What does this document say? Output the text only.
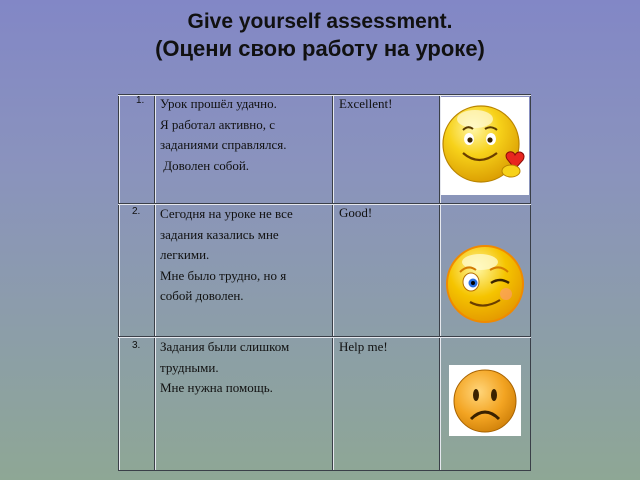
Give yourself assessment.
(Оцени свою работу на уроке)
1. Урок прошёл удачно.
Я работал активно, с
заданиями справлялся.
Доволен собой.
Excellent!
2. Сегодня на уроке не все
задания казались мне
легкими.
Мне было трудно, но я
собой доволен.
Good!
3. Задания были слишком
трудными.
Мне нужна помощь.
Help me!
